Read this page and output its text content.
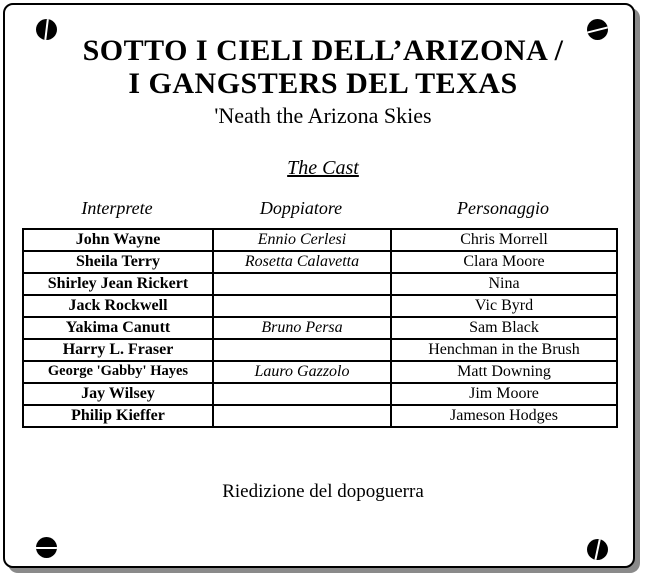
SOTTO I CIELI DELL’ARIZONA /
I GANGSTERS DEL TEXAS
'Neath the Arizona Skies
The Cast
Interprete	Doppiatore	Personaggio
John Wayne	Ennio Cerlesi	Chris Morrell
Sheila Terry	Rosetta Calavetta	Clara Moore
Shirley Jean Rickert		Nina
Jack Rockwell		Vic Byrd
Yakima Canutt	Bruno Persa	Sam Black
Harry L. Fraser		Henchman in the Brush
George 'Gabby' Hayes	Lauro Gazzolo	Matt Downing
Jay Wilsey		Jim Moore
Philip Kieffer		Jameson Hodges
Riedizione del dopoguerra
